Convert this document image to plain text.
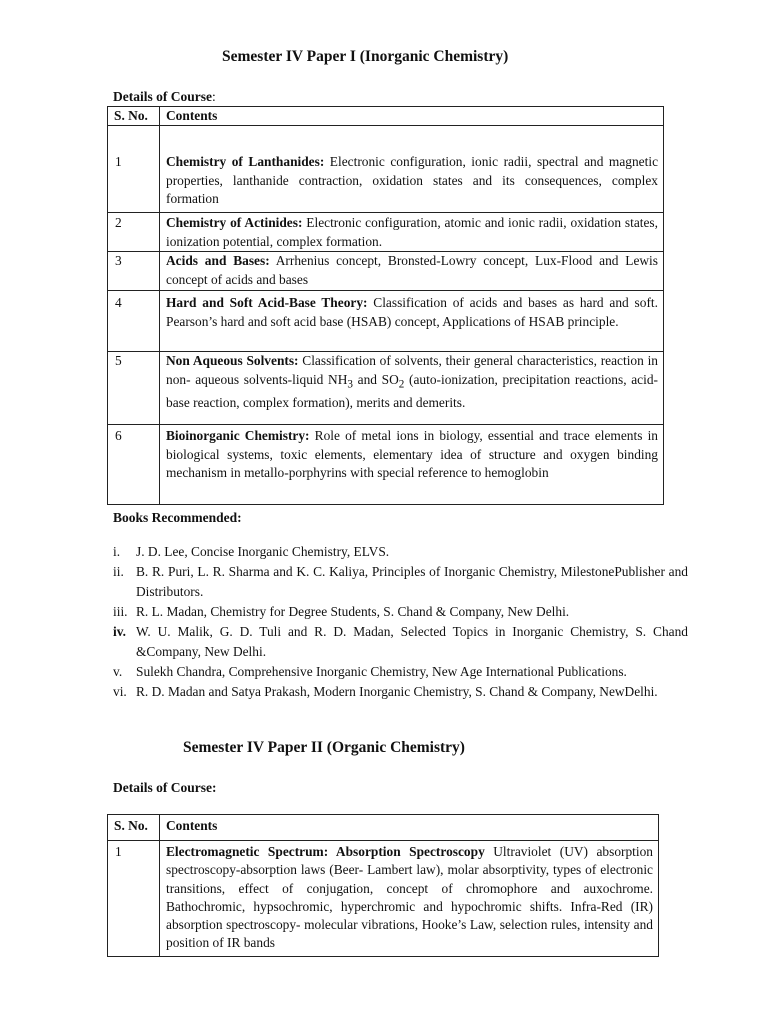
Semester IV Paper I (Inorganic Chemistry)
Details of Course:
S. No.	Contents
1	Chemistry of Lanthanides: Electronic configuration, ionic radii, spectral and magnetic properties, lanthanide contraction, oxidation states and its consequences, complex formation
2	Chemistry of Actinides: Electronic configuration, atomic and ionic radii, oxidation states, ionization potential, complex formation.
3	Acids and Bases: Arrhenius concept, Bronsted-Lowry concept, Lux-Flood and Lewis concept of acids and bases
4	Hard and Soft Acid-Base Theory: Classification of acids and bases as hard and soft. Pearson’s hard and soft acid base (HSAB) concept, Applications of HSAB principle.
5	Non Aqueous Solvents: Classification of solvents, their general characteristics, reaction in non- aqueous solvents-liquid $NH_3$ and $SO_2$ (auto-ionization, precipitation reactions, acid-base reaction, complex formation), merits and demerits.
6	Bioinorganic Chemistry: Role of metal ions in biology, essential and trace elements in biological systems, toxic elements, elementary idea of structure and oxygen binding mechanism in metallo-porphyrins with special reference to hemoglobin
Books Recommended:
i. J. D. Lee, Concise Inorganic Chemistry, ELVS.
ii. B. R. Puri, L. R. Sharma and K. C. Kaliya, Principles of Inorganic Chemistry, MilestonePublisher and Distributors.
iii. R. L. Madan, Chemistry for Degree Students, S. Chand & Company, New Delhi.
iv. W. U. Malik, G. D. Tuli and R. D. Madan, Selected Topics in Inorganic Chemistry, S. Chand &Company, New Delhi.
v. Sulekh Chandra, Comprehensive Inorganic Chemistry, New Age International Publications.
vi. R. D. Madan and Satya Prakash, Modern Inorganic Chemistry, S. Chand & Company, NewDelhi.
Semester IV Paper II (Organic Chemistry)
Details of Course:
S. No.	Contents
1	Electromagnetic Spectrum: Absorption Spectroscopy Ultraviolet (UV) absorption spectroscopy-absorption laws (Beer- Lambert law), molar absorptivity, types of electronic transitions, effect of conjugation, concept of chromophore and auxochrome. Bathochromic, hypsochromic, hyperchromic and hypochromic shifts. Infra-Red (IR) absorption spectroscopy- molecular vibrations, Hooke’s Law, selection rules, intensity and position of IR bands
